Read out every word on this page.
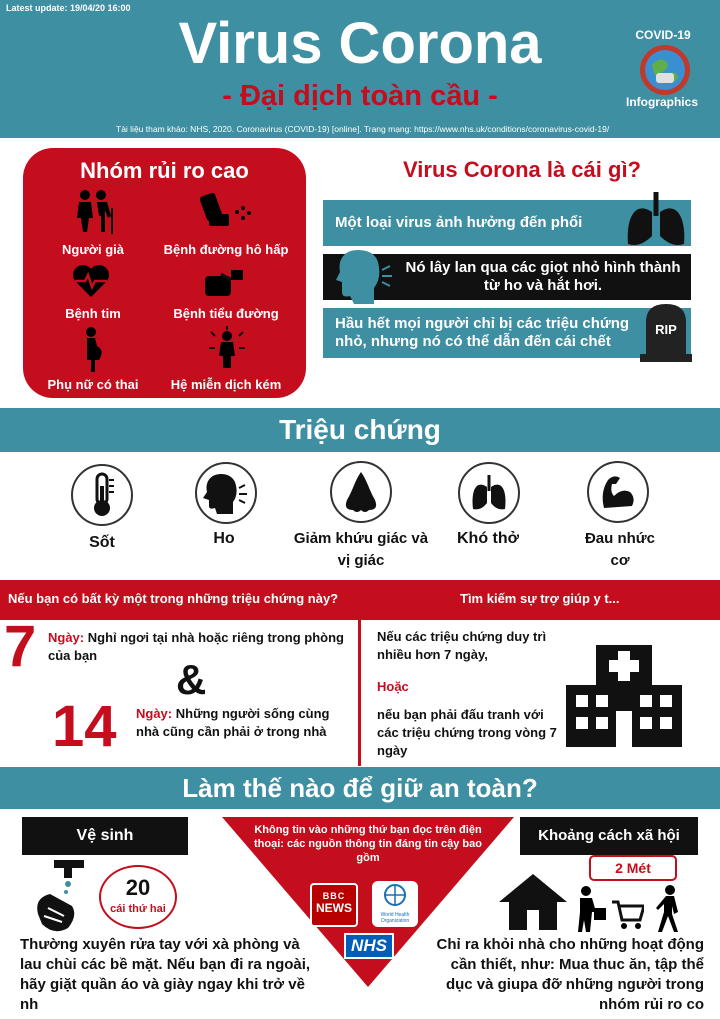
Latest update: 19/04/20 16:00
Virus Corona
- Đại dịch toàn cầu -
Tài liệu tham khảo: NHS, 2020. Coronavirus (COVID-19) [online]. Trang mạng: https://www.nhs.uk/conditions/coronavirus-covid-19/
COVID-19
Infographics
Nhóm rủi ro cao
Người già	Bệnh đường hô hấp
Bệnh tim	Bệnh tiểu đường
Phụ nữ có thai	Hệ miễn dịch kém
Virus Corona là cái gì?
Một loại virus ảnh hưởng đến phổi
Nó lây lan qua các giọt nhỏ hình thành từ ho và hắt hơi.
Hầu hết mọi người chỉ bị các triệu chứng nhỏ, nhưng nó có thể dẫn đến cái chết
RIP
Triệu chứng
Sốt	Ho	Giảm khứu giác và vị giác
Khó thở	Đau nhức cơ
Nếu bạn có bất kỳ một trong những triệu chứng này?	Tìm kiếm sự trợ giúp y t...
7 Ngày: Nghỉ ngơi tại nhà hoặc riêng trong phòng của bạn
&
14 Ngày: Những người sống cùng nhà cũng cần phải ở trong nhà
Nếu các triệu chứng duy trì nhiều hơn 7 ngày,
Hoặc
nếu bạn phải đấu tranh với các triệu chứng trong vòng 7 ngày
Làm thế nào để giữ an toàn?
Vệ sinh
20
cái thứ hai
Thường xuyên rửa tay với xà phòng và lau chùi các bề mặt. Nếu bạn đi ra ngoài, hãy giặt quần áo và giày ngay khi trở về nh
Không tin vào những thứ bạn đọc trên điện thoại: các nguồn thông tin đáng tin cậy bao gồm
BBC
NEWS	World Health Organization
NHS
Khoảng cách xã hội
2 Mét
Chỉ ra khỏi nhà cho những hoạt động cần thiết, như: Mua thuc ăn, tập thể dục và giupa đỡ những người trong nhóm rủi ro co
